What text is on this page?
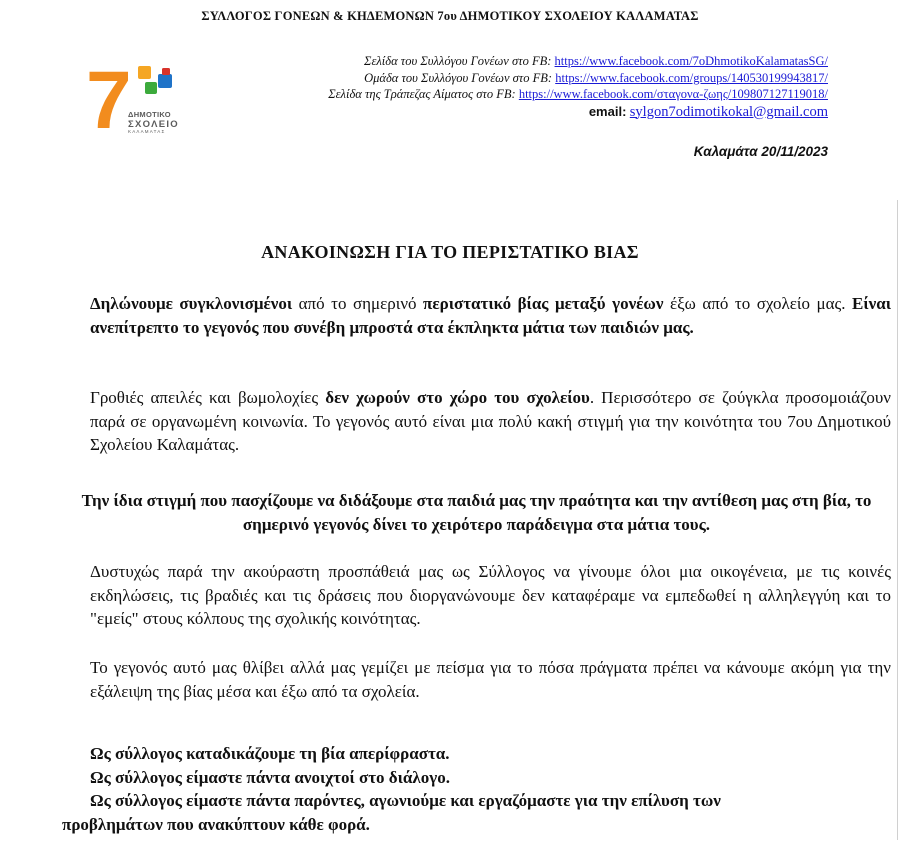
ΣΥΛΛΟΓΟΣ ΓΟΝΕΩΝ & ΚΗΔΕΜΟΝΩΝ 7ου ΔΗΜΟΤΙΚΟΥ ΣΧΟΛΕΙΟΥ ΚΑΛΑΜΑΤΑΣ
7
ΔΗΜΟΤΙΚΟ
ΣΧΟΛΕΙΟ
ΚΑΛΑΜΑΤΑΣ
Σελίδα του Συλλόγου Γονέων στο FB: https://www.facebook.com/7oDhmotikoKalamatasSG/
Ομάδα του Συλλόγου Γονέων στο FB: https://www.facebook.com/groups/140530199943817/
Σελίδα της Τράπεζας Αίματος στο FB: https://www.facebook.com/σταγονα-ζωης/109807127119018/
email: sylgon7odimotikokal@gmail.com
Καλαμάτα 20/11/2023
ΑΝΑΚΟΙΝΩΣΗ ΓΙΑ ΤΟ ΠΕΡΙΣΤΑΤΙΚΟ ΒΙΑΣ
Δηλώνουμε συγκλονισμένοι από το σημερινό περιστατικό βίας μεταξύ γονέων έξω από το σχολείο μας. Είναι ανεπίτρεπτο το γεγονός που συνέβη μπροστά στα έκπληκτα μάτια των παιδιών μας.
Γροθιές απειλές και βωμολοχίες δεν χωρούν στο χώρο του σχολείου. Περισσότερο σε ζούγκλα προσομοιάζουν παρά σε οργανωμένη κοινωνία. Το γεγονός αυτό είναι μια πολύ κακή στιγμή για την κοινότητα του 7ου Δημοτικού Σχολείου Καλαμάτας.
Την ίδια στιγμή που πασχίζουμε να διδάξουμε στα παιδιά μας την πραότητα και την αντίθεση μας στη βία, το σημερινό γεγονός δίνει το χειρότερο παράδειγμα στα μάτια τους.
Δυστυχώς παρά την ακούραστη προσπάθειά μας ως Σύλλογος να γίνουμε όλοι μια οικογένεια, με τις κοινές εκδηλώσεις, τις βραδιές και τις δράσεις που διοργανώνουμε δεν καταφέραμε να εμπεδωθεί η αλληλεγγύη και το "εμείς" στους κόλπους της σχολικής κοινότητας.
Το γεγονός αυτό μας θλίβει αλλά μας γεμίζει με πείσμα για το πόσα πράγματα πρέπει να κάνουμε ακόμη για την εξάλειψη της βίας μέσα και έξω από τα σχολεία.
Ως σύλλογος καταδικάζουμε τη βία απερίφραστα.
Ως σύλλογος είμαστε πάντα ανοιχτοί στο διάλογο.
Ως σύλλογος είμαστε πάντα παρόντες, αγωνιούμε και εργαζόμαστε για την επίλυση των
προβλημάτων που ανακύπτουν κάθε φορά.
